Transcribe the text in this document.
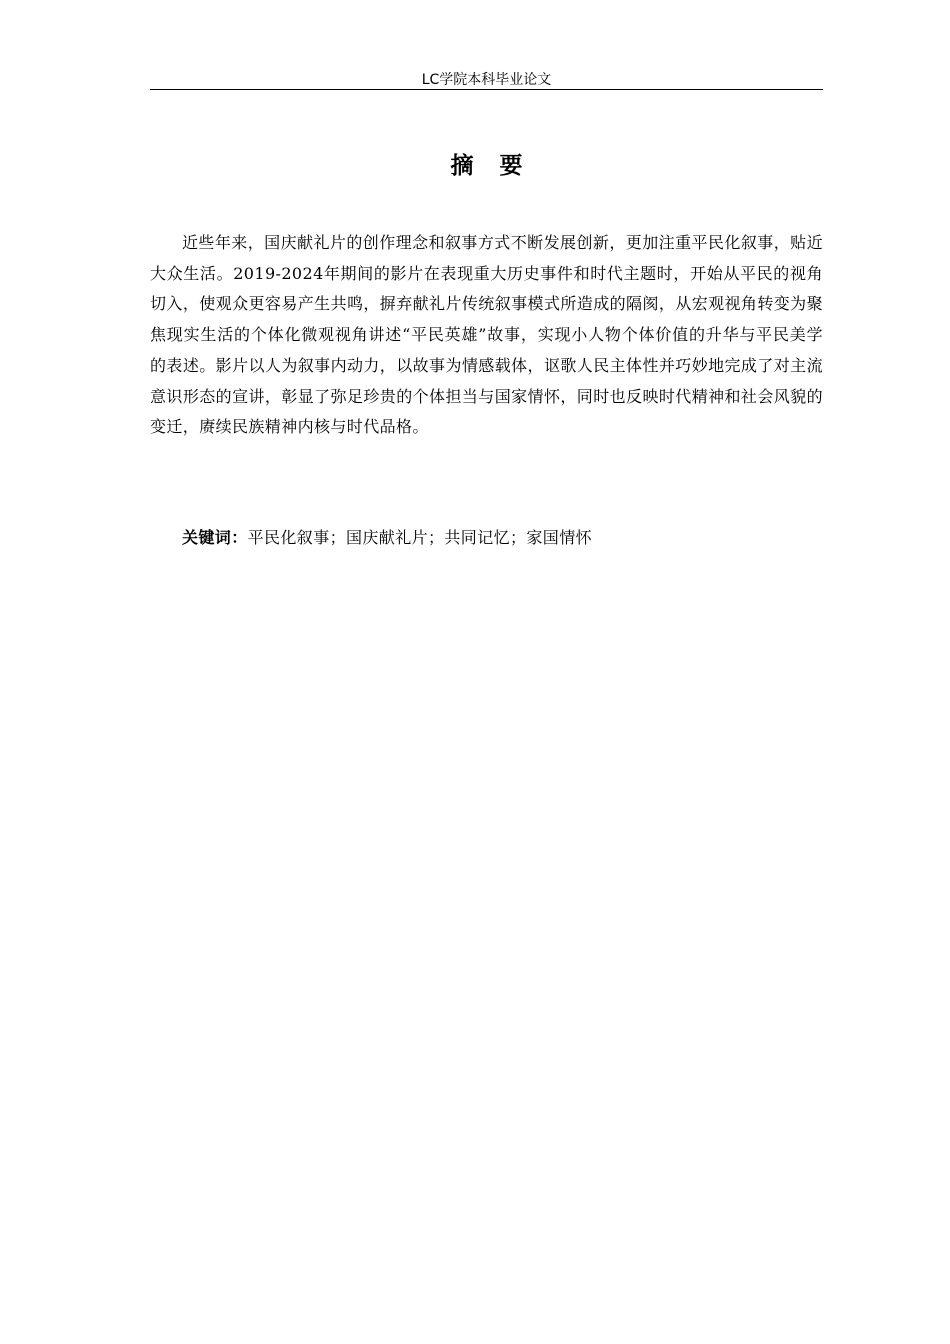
LC学院本科毕业论文
摘要

近些年来，国庆献礼片的创作理念和叙事方式不断发展创新，更加注重平民化叙事，贴近大众生活。2019-2024年期间的影片在表现重大历史事件和时代主题时，开始从平民的视角切入，使观众更容易产生共鸣，摒弃献礼片传统叙事模式所造成的隔阂，从宏观视角转变为聚焦现实生活的个体化微观视角讲述“平民英雄”故事，实现小人物个体价值的升华与平民美学的表述。影片以人为叙事内动力，以故事为情感载体，讴歌人民主体性并巧妙地完成了对主流意识形态的宣讲，彰显了弥足珍贵的个体担当与国家情怀，同时也反映时代精神和社会风貌的变迁，赓续民族精神内核与时代品格。

关键词：平民化叙事；国庆献礼片；共同记忆；家国情怀
